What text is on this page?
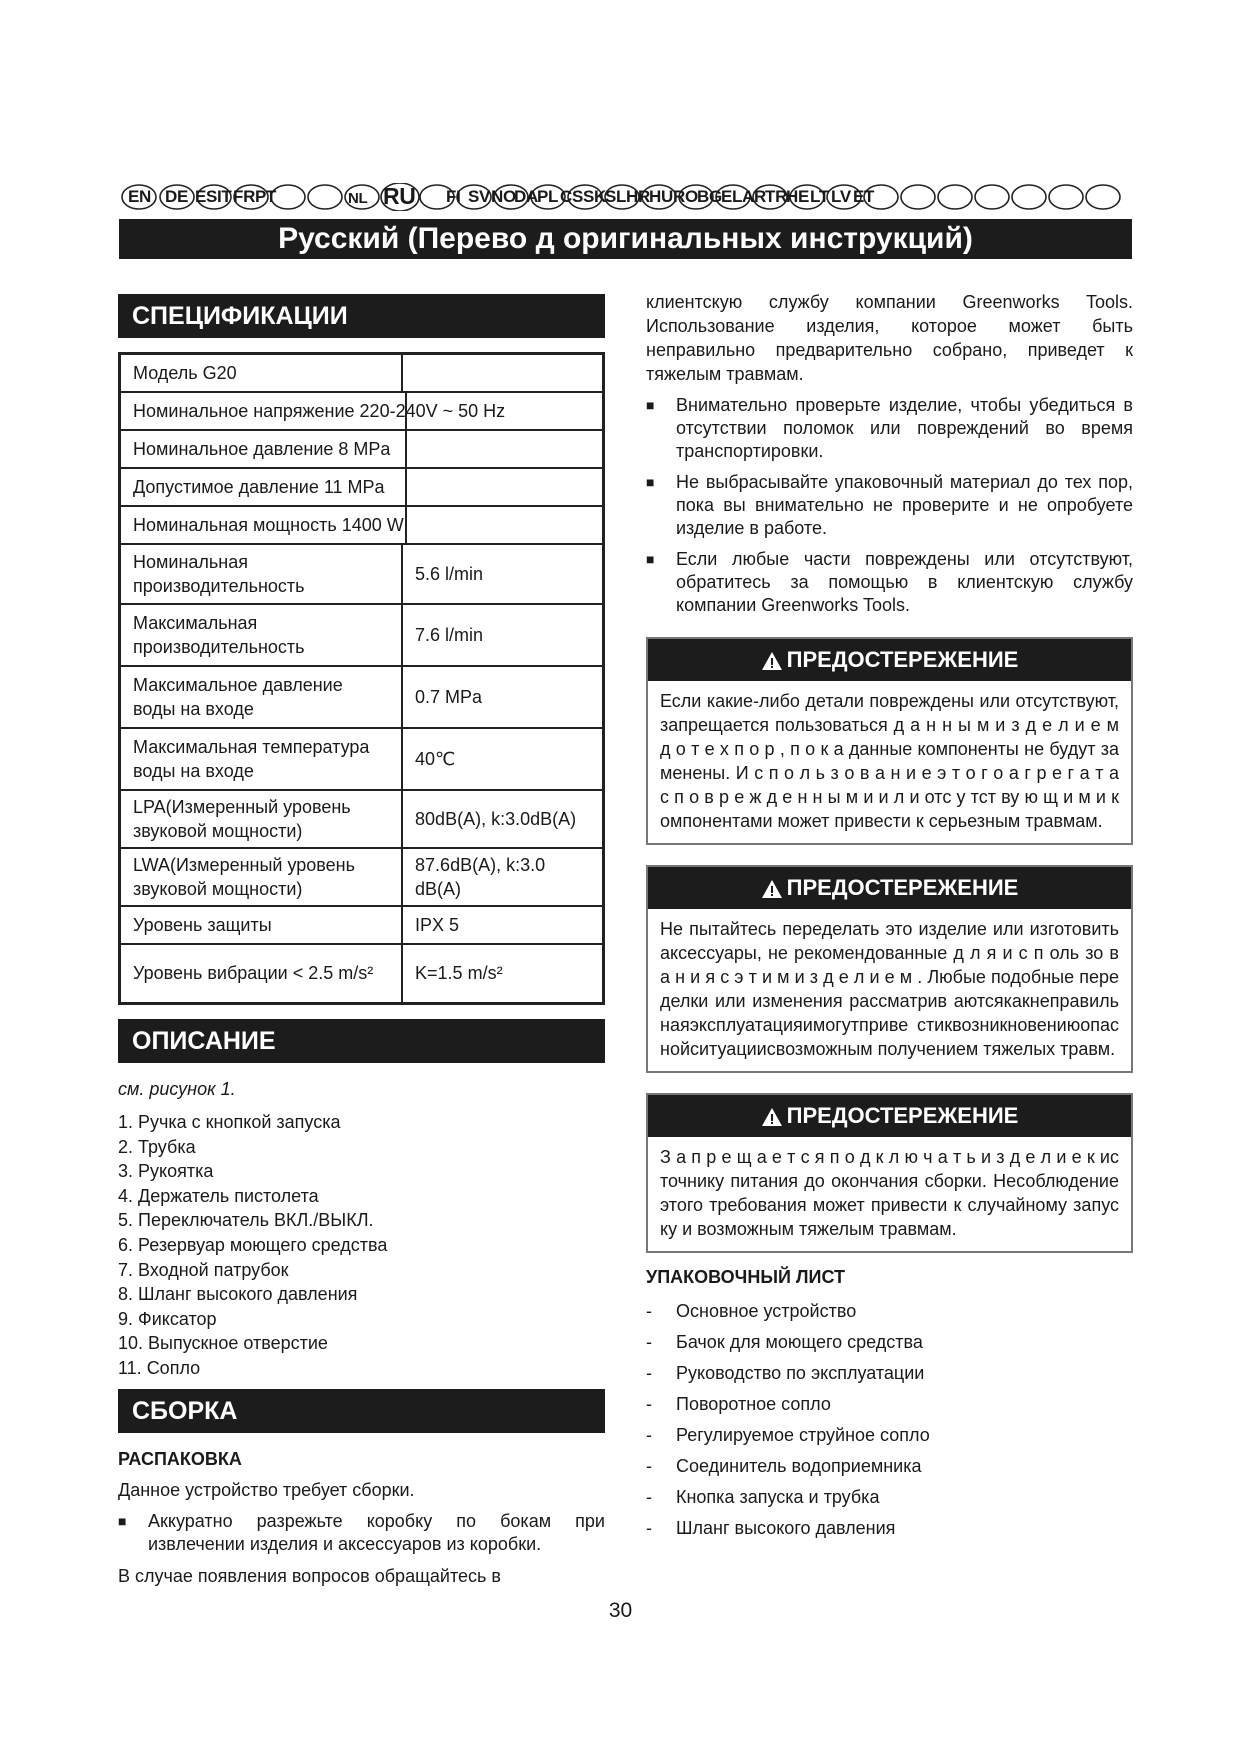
EN DE ES IT FR PT	NL RU FI SV NO
DA PL CS SK
SL HR HU RO BG EL AR TR
HE LT LV ET
Русский (Перево д оригинальных инструкций)
СПЕЦИФИКАЦИИ
Модель G20	

Номинальное напряжение 220-240V ~ 50 Hz	

Номинальное давление 8 MPa	

Допустимое давление 11 MPa	

Номинальная мощность 1400 W	
Номинальная производительность	5.6 l/min
Максимальная производительность	7.6 l/min
Максимальное давление воды на входе	0.7 MPa
Максимальная температура воды на входе	40℃
LPA(Измеренный уровень звуковой мощности)	80dB(A), k:3.0dB(A)
LWA(Измеренный уровень звуковой мощности)	87.6dB(A), k:3.0 dB(A)
Уровень защиты	IPX 5
Уровень вибрации < 2.5 m/s²	K=1.5 m/s²
ОПИСАНИЕ
см. рисунок 1.
1. Ручка с кнопкой запуска
2. Трубка
3. Рукоятка
4. Держатель пистолета
5. Переключатель ВКЛ./ВЫКЛ.
6. Резервуар моющего средства
7. Входной патрубок
8. Шланг высокого давления
9. Фиксатор
10. Выпускное отверстие
11. Сопло
СБОРКА
РАСПАКОВКА
Данное устройство требует сборки.
■	Аккуратно разрежьте коробку по бокам при извлечении изделия и аксессуаров из коробки.
В случае появления вопросов обращайтесь в
клиентскую службу компании Greenworks Tools. Использование изделия, которое может быть неправильно предварительно собрано, приведет к тяжелым травмам.
■	Внимательно проверьте изделие, чтобы убедиться в отсутствии поломок или повреждений во время транспортировки.
■	Не выбрасывайте упаковочный материал до тех пор, пока вы внимательно не проверите и не опробуете изделие в работе.
■	Если любые части повреждены или отсутствуют, обратитесь за помощью в клиентскую службу компании Greenworks Tools.
ПРЕДОСТЕРЕЖЕНИЕ
Если какие-либо детали повреждены или отсутствуют, запрещается пользоваться д а н н ы м и з д е л и е м д о т е х п о р , п о к а данные компоненты не будут заменены. И с п о л ь з о в а н и е э т о г о а г р е г а т а с п о в р е ж д е н н ы м и и л и отс у тст ву ю щ и м и компонентами может привести к серьезным травмам.
ПРЕДОСТЕРЕЖЕНИЕ
Не пытайтесь переделать это изделие или изготовить аксессуары, не рекомендованные д л я и с п оль зо в а н и я с э т и м и з д е л и е м . Любые подобные переделки или изменения рассматрив аютсякакнеправильнаяэксплуатацияимогутприве стиквозникновениюопаснойситуациисвозможным получением тяжелых травм.
ПРЕДОСТЕРЕЖЕНИЕ
З а п р е щ а е т с я п о д к л ю ч а т ь и з д е л и е к источнику питания до окончания сборки. Несоблюдение этого требования может привести к случайному запуску и возможным тяжелым травмам.
УПАКОВОЧНЫЙ ЛИСТ
-	Основное устройство
-	Бачок для моющего средства
-	Руководство по эксплуатации
-	Поворотное сопло
-	Регулируемое струйное сопло
-	Соединитель водоприемника
-	Кнопка запуска и трубка
-	Шланг высокого давления
30
